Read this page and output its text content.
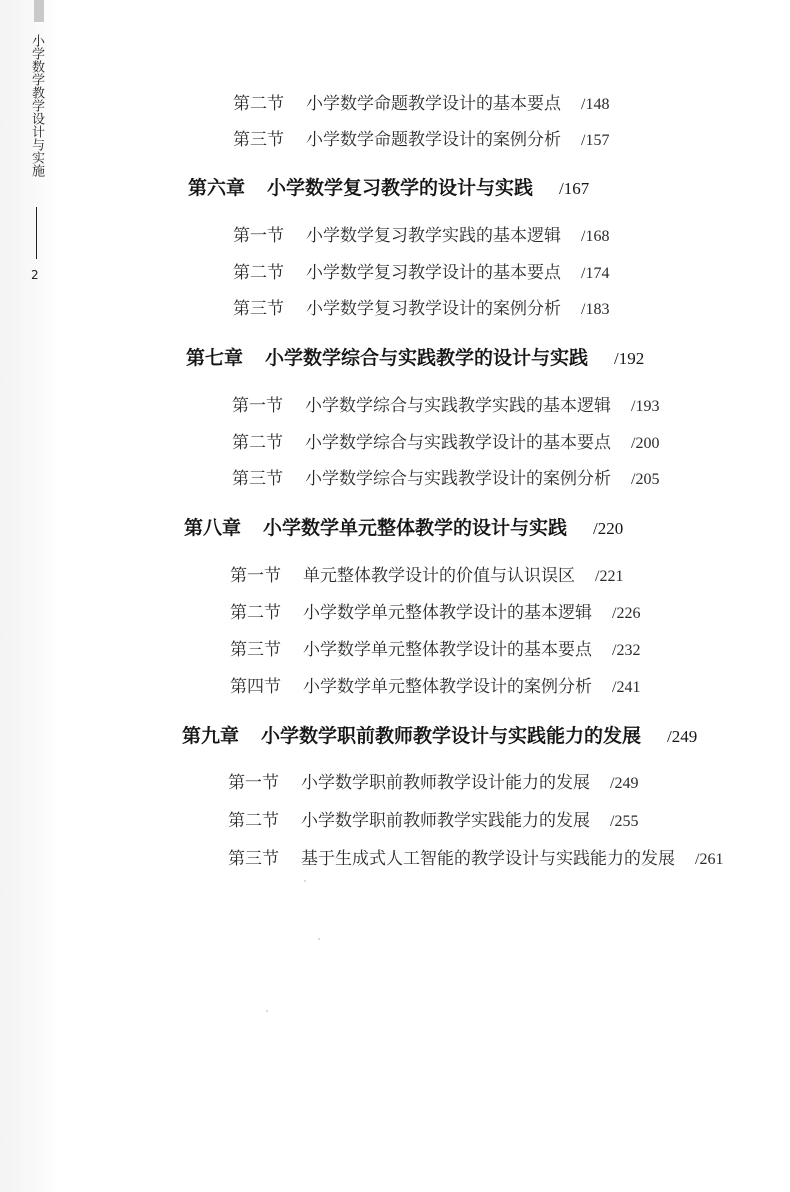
小学数学教学设计与实施
2
第二节 小学数学命题教学设计的基本要点 /148
第三节 小学数学命题教学设计的案例分析 /157
第六章 小学数学复习教学的设计与实践 /167
第一节 小学数学复习教学实践的基本逻辑 /168
第二节 小学数学复习教学设计的基本要点 /174
第三节 小学数学复习教学设计的案例分析 /183
第七章 小学数学综合与实践教学的设计与实践 /192
第一节 小学数学综合与实践教学实践的基本逻辑 /193
第二节 小学数学综合与实践教学设计的基本要点 /200
第三节 小学数学综合与实践教学设计的案例分析 /205
第八章 小学数学单元整体教学的设计与实践 /220
第一节 单元整体教学设计的价值与认识误区 /221
第二节 小学数学单元整体教学设计的基本逻辑 /226
第三节 小学数学单元整体教学设计的基本要点 /232
第四节 小学数学单元整体教学设计的案例分析 /241
第九章 小学数学职前教师教学设计与实践能力的发展 /249
第一节 小学数学职前教师教学设计能力的发展 /249
第二节 小学数学职前教师教学实践能力的发展 /255
第三节 基于生成式人工智能的教学设计与实践能力的发展 /261
